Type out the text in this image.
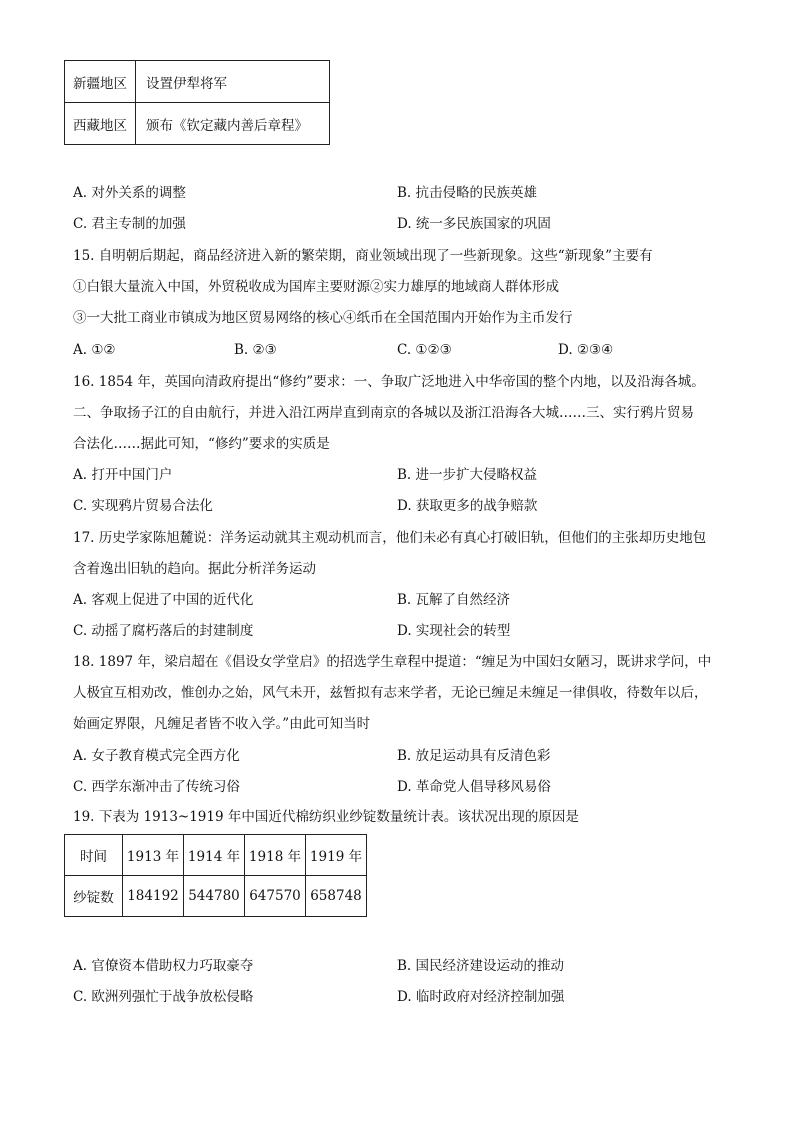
新疆地区	设置伊犁将军
西藏地区	颁布《钦定藏内善后章程》
A. 对外关系的调整	B. 抗击侵略的民族英雄
C. 君主专制的加强	D. 统一多民族国家的巩固
15. 自明朝后期起，商品经济进入新的繁荣期，商业领域出现了一些新现象。这些“新现象”主要有
①白银大量流入中国，外贸税收成为国库主要财源②实力雄厚的地域商人群体形成
③一大批工商业市镇成为地区贸易网络的核心④纸币在全国范围内开始作为主币发行
A. ①②	B. ②③	C. ①②③	D. ②③④
16. 1854 年，英国向清政府提出“修约”要求：一、争取广泛地进入中华帝国的整个内地，以及沿海各城。
二、争取扬子江的自由航行，并进入沿江两岸直到南京的各城以及浙江沿海各大城……三、实行鸦片贸易
合法化……据此可知，“修约”要求的实质是
A. 打开中国门户	B. 进一步扩大侵略权益
C. 实现鸦片贸易合法化	D. 获取更多的战争赔款
17. 历史学家陈旭麓说：洋务运动就其主观动机而言，他们未必有真心打破旧轨，但他们的主张却历史地包
含着逸出旧轨的趋向。据此分析洋务运动
A. 客观上促进了中国的近代化	B. 瓦解了自然经济
C. 动摇了腐朽落后的封建制度	D. 实现社会的转型
18. 1897 年，梁启超在《倡设女学堂启》的招选学生章程中提道：“缠足为中国妇女陋习，既讲求学问，中
人极宜互相劝改，惟创办之始，风气未开，兹暂拟有志来学者，无论已缠足未缠足一律俱收，待数年以后，
始画定界限，凡缠足者皆不收入学。”由此可知当时
A. 女子教育模式完全西方化	B. 放足运动具有反清色彩
C. 西学东渐冲击了传统习俗	D. 革命党人倡导移风易俗
19. 下表为 1913~1919 年中国近代棉纺织业纱锭数量统计表。该状况出现的原因是
时间	1913 年	1914 年	1918 年	1919 年
纱锭数	184192	544780	647570	658748
A. 官僚资本借助权力巧取豪夺	B. 国民经济建设运动的推动
C. 欧洲列强忙于战争放松侵略	D. 临时政府对经济控制加强
